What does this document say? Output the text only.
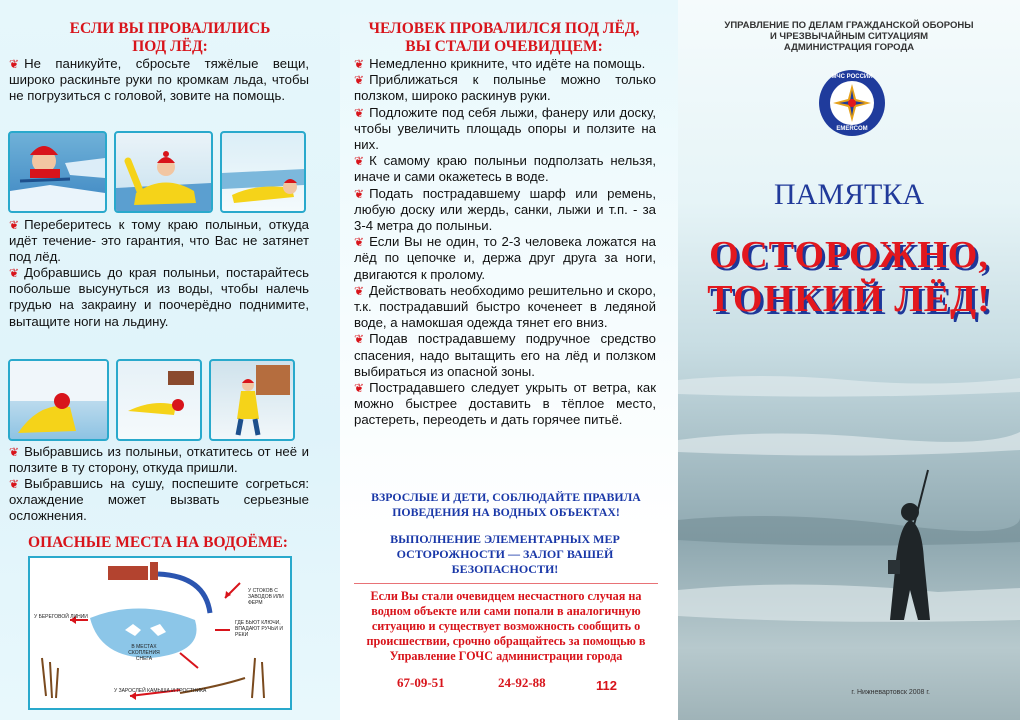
ЕСЛИ ВЫ ПРОВАЛИЛИСЬ ПОД ЛЁД:

❦ Не паникуйте, сбросьте тяжёлые вещи, широко раскиньте руки по кромкам льда, чтобы не погрузиться с головой, зовите на помощь.

❦ Переберитесь к тому краю полыньи, откуда идёт течение- это гарантия, что Вас не затянет под лёд.

❦ Добравшись до края полыньи, постарайтесь побольше высунуться из воды, чтобы налечь грудью на закраину и поочерёдно поднимите, вытащите ноги на льдину.

❦ Выбравшись из полыньи, откатитесь от неё и ползите в ту сторону, откуда пришли.

❦ Выбравшись на сушу, поспешите согреться: охлаждение может вызвать серьезные осложнения.

ОПАСНЫЕ МЕСТА НА ВОДОЁМЕ:
У СТОКОВ С ЗАВОДОВ ИЛИ ФЕРМ
У БЕРЕГОВОЙ ЛИНИИ
ГДЕ БЬЮТ КЛЮЧИ, ВПАДАЮТ РУЧЬИ И РЕКИ
В МЕСТАХ СКОПЛЕНИЯ СНЕГА
У ЗАРОСЛЕЙ КАМЫША И ТРОСТНИКА
ЧЕЛОВЕК ПРОВАЛИЛСЯ ПОД ЛЁД, ВЫ СТАЛИ ОЧЕВИДЦЕМ:

❦ Немедленно крикните, что идёте на помощь.

❦ Приближаться к полынье можно только ползком, широко раскинув руки.

❦ Подложите под себя лыжи, фанеру или доску, чтобы увеличить площадь опоры и ползите на них.

❦ К самому краю полыньи подползать нельзя, иначе и сами окажетесь в воде.

❦ Подать пострадавшему шарф или ремень, любую доску или жердь, санки, лыжи и т.п. - за 3-4 метра до полыньи.

❦ Если Вы не один, то 2-3 человека ложатся на лёд по цепочке и, держа друг друга за ноги, двигаются к пролому.

❦ Действовать необходимо решительно и скоро, т.к. пострадавший быстро коченеет в ледяной воде, а намокшая одежда тянет его вниз.

❦ Подав пострадавшему подручное средство спасения, надо вытащить его на лёд и ползком выбираться из опасной зоны.

❦ Пострадавшего следует укрыть от ветра, как можно быстрее доставить в тёплое место, растереть, переодеть и дать горячее питьё.

ВЗРОСЛЫЕ И ДЕТИ, СОБЛЮДАЙТЕ ПРАВИЛА ПОВЕДЕНИЯ НА ВОДНЫХ ОБЪЕКТАХ!

ВЫПОЛНЕНИЕ ЭЛЕМЕНТАРНЫХ МЕР ОСТОРОЖНОСТИ — ЗАЛОГ ВАШЕЙ БЕЗОПАСНОСТИ!

Если Вы стали очевидцем несчастного случая на водном объекте или сами попали в аналогичную ситуацию и существует возможность сообщить о происшествии, срочно обращайтесь за помощью в Управление ГОЧС администрации города

67-09-51	24-92-88	112
УПРАВЛЕНИЕ ПО ДЕЛАМ ГРАЖДАНСКОЙ ОБОРОНЫ
И ЧРЕЗВЫЧАЙНЫМ СИТУАЦИЯМ
АДМИНИСТРАЦИЯ ГОРОДА
МЧС РОССИИ
EMERCOM
ПАМЯТКА
ОСТОРОЖНО,
ТОНКИЙ ЛЁД!
г. Нижневартовск 2008 г.
